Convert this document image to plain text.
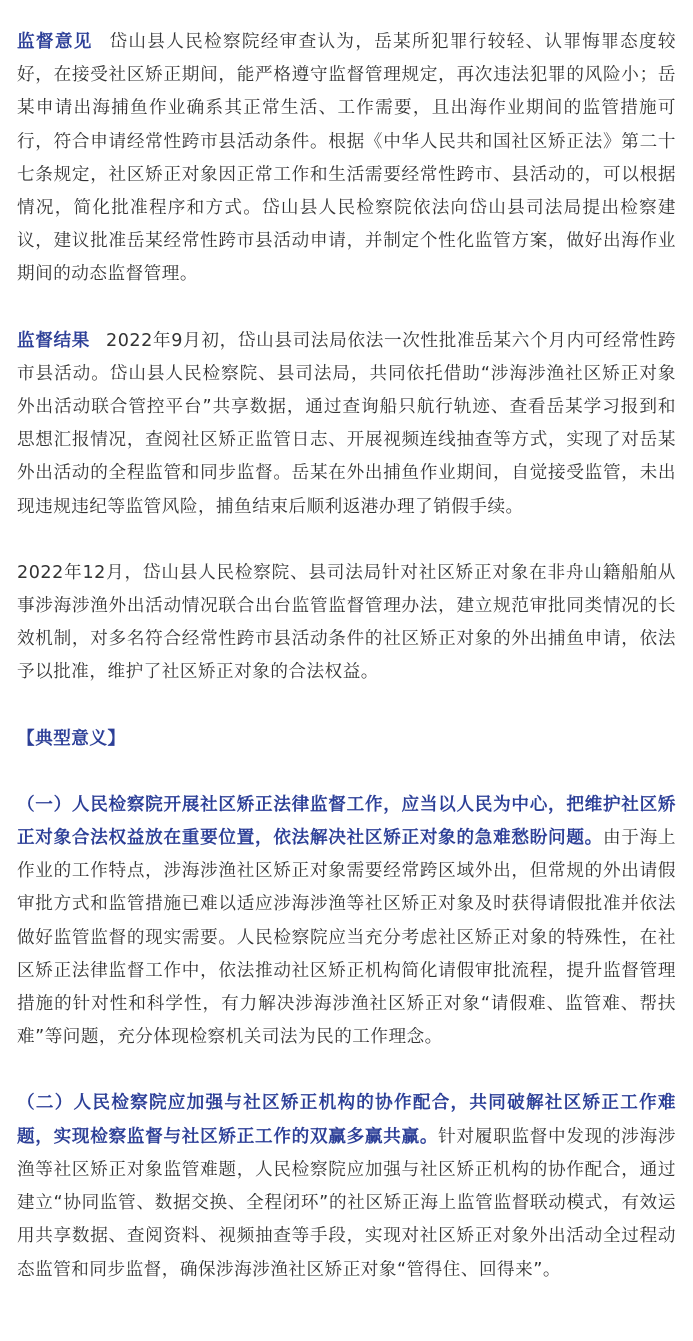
监督意见 岱山县人民检察院经审查认为，岳某所犯罪行较轻、认罪悔罪态度较好，在接受社区矫正期间，能严格遵守监督管理规定，再次违法犯罪的风险小；岳某申请出海捕鱼作业确系其正常生活、工作需要，且出海作业期间的监管措施可行，符合申请经常性跨市县活动条件。根据《中华人民共和国社区矫正法》第二十七条规定，社区矫正对象因正常工作和生活需要经常性跨市、县活动的，可以根据情况，简化批准程序和方式。岱山县人民检察院依法向岱山县司法局提出检察建议，建议批准岳某经常性跨市县活动申请，并制定个性化监管方案，做好出海作业期间的动态监督管理。

监督结果 2022年9月初，岱山县司法局依法一次性批准岳某六个月内可经常性跨市县活动。岱山县人民检察院、县司法局，共同依托借助“涉海涉渔社区矫正对象外出活动联合管控平台”共享数据，通过查询船只航行轨迹、查看岳某学习报到和思想汇报情况，查阅社区矫正监管日志、开展视频连线抽查等方式，实现了对岳某外出活动的全程监管和同步监督。岳某在外出捕鱼作业期间，自觉接受监管，未出现违规违纪等监管风险，捕鱼结束后顺利返港办理了销假手续。

2022年12月，岱山县人民检察院、县司法局针对社区矫正对象在非舟山籍船舶从事涉海涉渔外出活动情况联合出台监管监督管理办法，建立规范审批同类情况的长效机制，对多名符合经常性跨市县活动条件的社区矫正对象的外出捕鱼申请，依法予以批准，维护了社区矫正对象的合法权益。

【典型意义】

（一）人民检察院开展社区矫正法律监督工作，应当以人民为中心，把维护社区矫正对象合法权益放在重要位置，依法解决社区矫正对象的急难愁盼问题。由于海上作业的工作特点，涉海涉渔社区矫正对象需要经常跨区域外出，但常规的外出请假审批方式和监管措施已难以适应涉海涉渔等社区矫正对象及时获得请假批准并依法做好监管监督的现实需要。人民检察院应当充分考虑社区矫正对象的特殊性，在社区矫正法律监督工作中，依法推动社区矫正机构简化请假审批流程，提升监督管理措施的针对性和科学性，有力解决涉海涉渔社区矫正对象“请假难、监管难、帮扶难”等问题，充分体现检察机关司法为民的工作理念。

（二）人民检察院应加强与社区矫正机构的协作配合，共同破解社区矫正工作难题，实现检察监督与社区矫正工作的双赢多赢共赢。针对履职监督中发现的涉海涉渔等社区矫正对象监管难题，人民检察院应加强与社区矫正机构的协作配合，通过建立“协同监管、数据交换、全程闭环”的社区矫正海上监管监督联动模式，有效运用共享数据、查阅资料、视频抽查等手段，实现对社区矫正对象外出活动全过程动态监管和同步监督，确保涉海涉渔社区矫正对象“管得住、回得来”。
